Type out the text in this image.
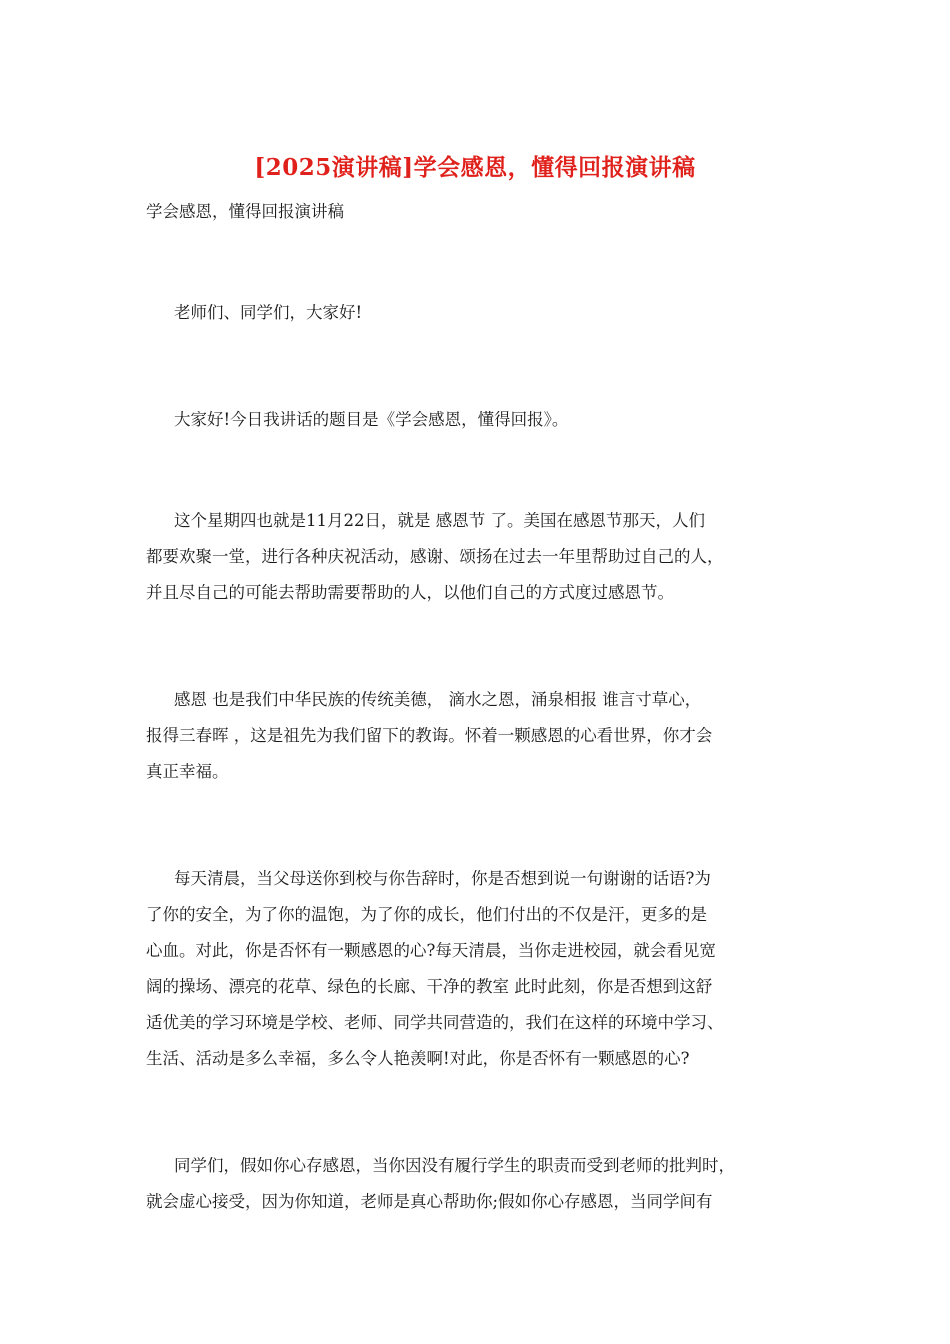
[2025演讲稿]学会感恩，懂得回报演讲稿
学会感恩，懂得回报演讲稿
老师们、同学们，大家好!
大家好!今日我讲话的题目是《学会感恩，懂得回报》。
这个星期四也就是11月22日，就是 感恩节 了。美国在感恩节那天，人们
都要欢聚一堂，进行各种庆祝活动，感谢、颂扬在过去一年里帮助过自己的人，
并且尽自己的可能去帮助需要帮助的人，以他们自己的方式度过感恩节。
感恩 也是我们中华民族的传统美德， 滴水之恩，涌泉相报 谁言寸草心，
报得三春晖 ，这是祖先为我们留下的教诲。怀着一颗感恩的心看世界，你才会
真正幸福。
每天清晨，当父母送你到校与你告辞时，你是否想到说一句谢谢的话语?为
了你的安全，为了你的温饱，为了你的成长，他们付出的不仅是汗，更多的是
心血。对此，你是否怀有一颗感恩的心?每天清晨，当你走进校园，就会看见宽
阔的操场、漂亮的花草、绿色的长廊、干净的教室 此时此刻，你是否想到这舒
适优美的学习环境是学校、老师、同学共同营造的，我们在这样的环境中学习、
生活、活动是多么幸福，多么令人艳羡啊!对此，你是否怀有一颗感恩的心?
同学们，假如你心存感恩，当你因没有履行学生的职责而受到老师的批判时，
就会虚心接受，因为你知道，老师是真心帮助你;假如你心存感恩，当同学间有
